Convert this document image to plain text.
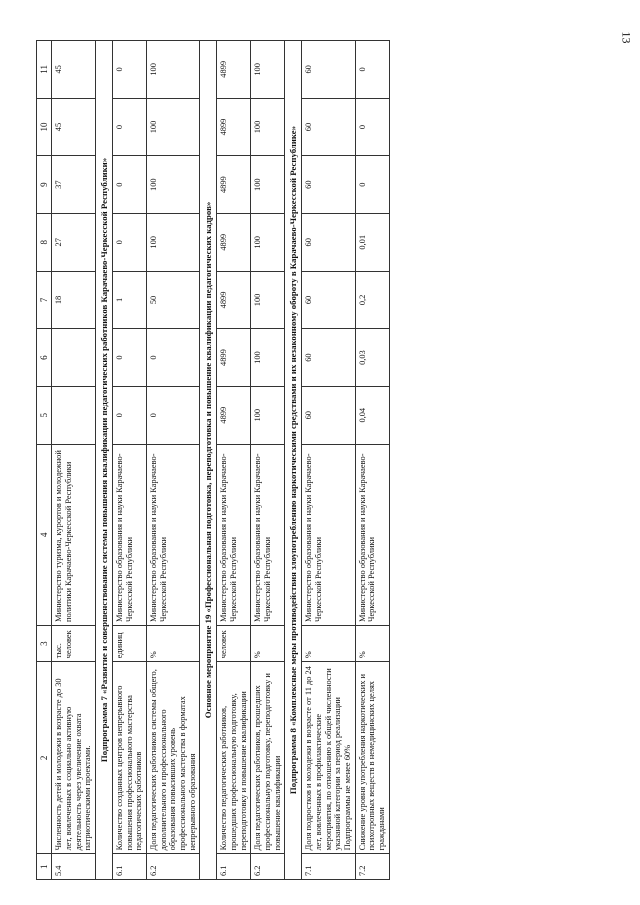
13
1	2	3	4	5	6	7	8	9	10	11
5.4	Численность детей и молодежи в возрасте до 30 лет, вовлеченных в социально активную деятельность через увеличение охвата патриотическими проектами.	тыс. человек	Министерство туризма, курортов и молодежной политики Карачаево-Черкесской Республики			18	27	37	45	45
Подпрограмма 7 «Развитие и совершенствование системы повышения квалификации педагогических работников Карачаево-Черкесской Республики»										
6.1	Количество созданных центров непрерывного повышения профессионального мастерства педагогических работников	единиц	Министерство образования и науки Карачаево-Черкесской Республики	0	0	1	0	0	0	0
6.2	Доля педагогических работников системы общего, дополнительного и профессионального образования повысивших уровень профессионального мастерства в форматах непрерывного образования	%	Министерство образования и науки Карачаево-Черкесской Республики	0	0	50	100	100	100	100
Основное мероприятие 19 «Профессиональная подготовка, переподготовка и повышение квалификации педагогических кадров»										
6.1	Количество педагогических работников, прошедших профессиональную подготовку, переподготовку и повышение квалификации	человек	Министерство образования и науки Карачаево-Черкесской Республики	4899	4899	4899	4899	4899	4899	4899
6.2	Доля педагогических работников, прошедших профессиональную подготовку, переподготовку и повышение квалификации	%	Министерство образования и науки Карачаево-Черкесской Республики	100	100	100	100	100	100	100
Подпрограмма 8 «Комплексные меры противодействия злоупотреблению наркотическими средствами и их незаконному обороту в Карачаево-Черкесской Республике»										
7.1	Доля подростков и молодежи в возрасте от 11 до 24 лет, вовлеченных в профилактические мероприятия, по отношению к общей численности указанной категории за период реализации Подпрограммы не менее 60%	%	Министерство образования и науки Карачаево-Черкесской Республики	60	60	60	60	60	60	60
7.2	Снижение уровня употребления наркотических и психотропных веществ в немедицинских целях гражданами	%	Министерство образования и науки Карачаево-Черкесской Республики	0,04	0,03	0,2	0,01	0	0	0
